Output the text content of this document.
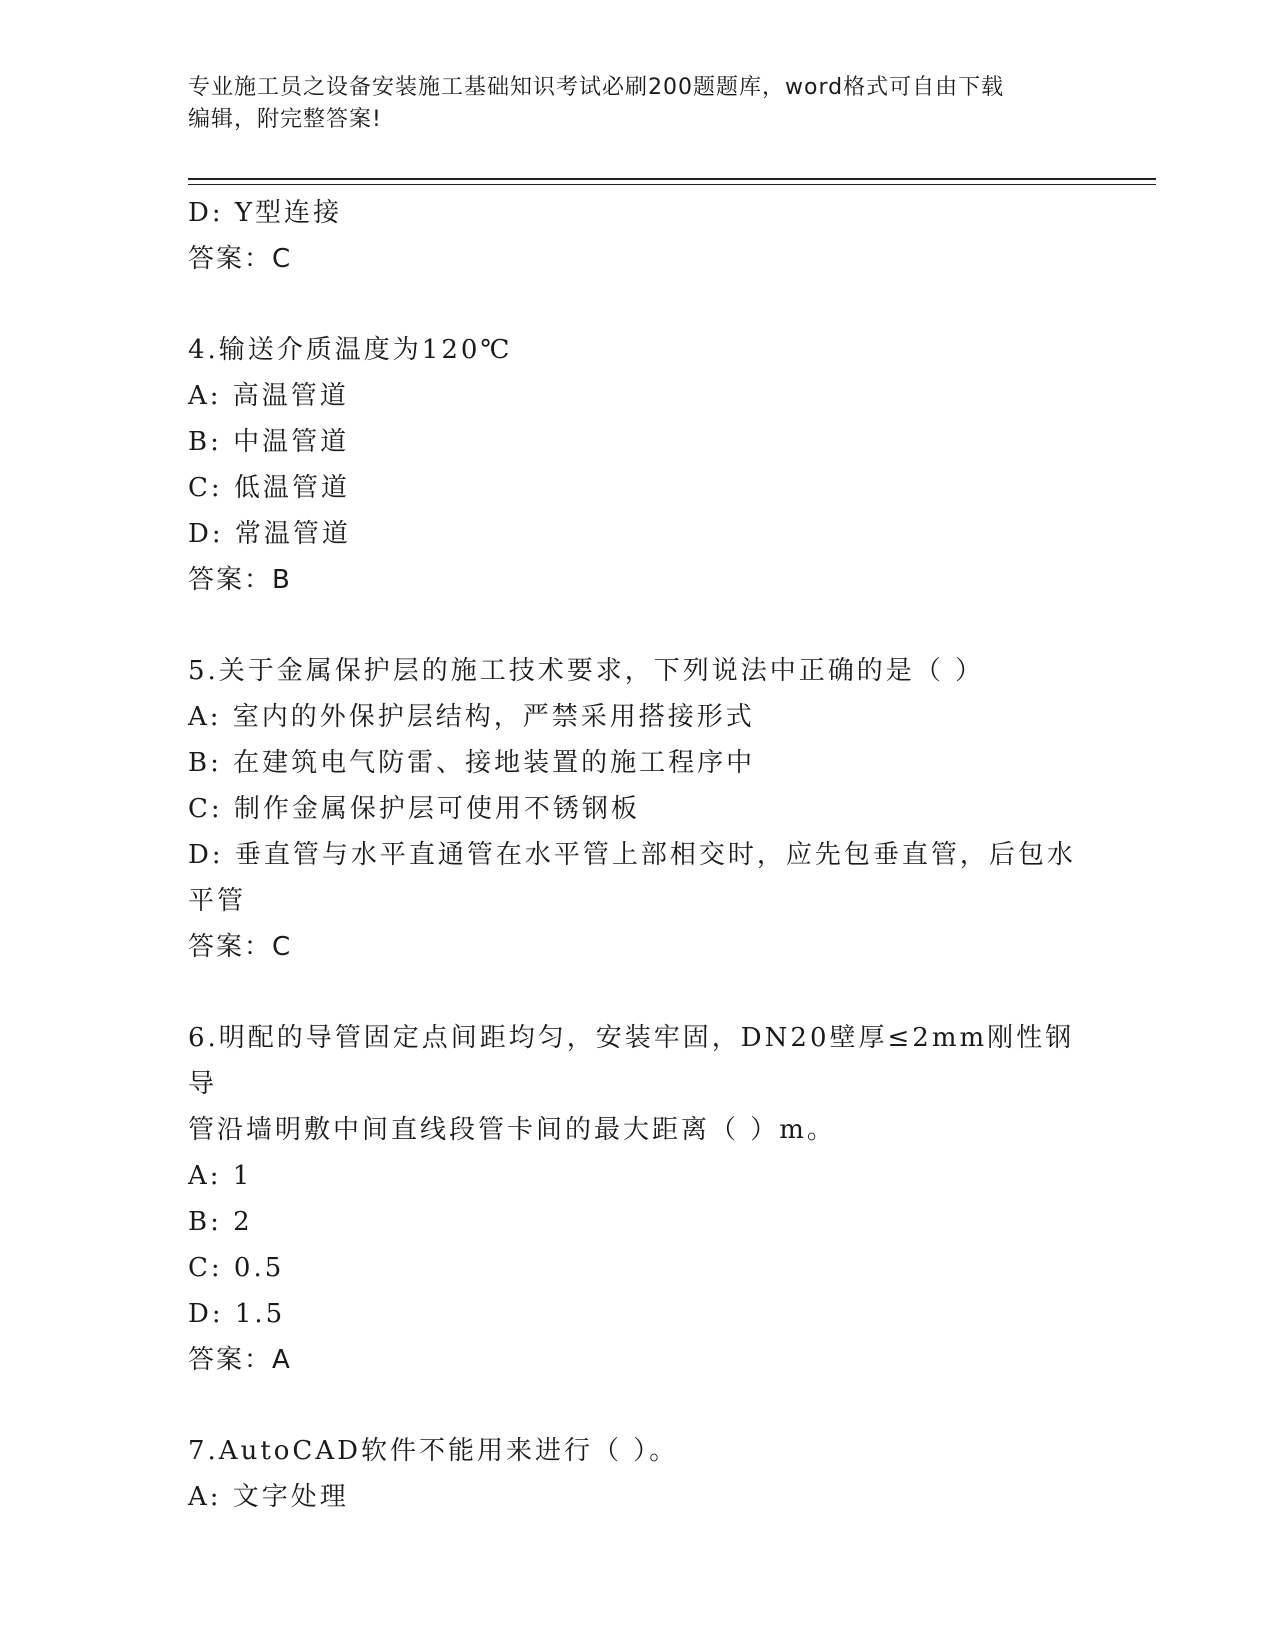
专业施工员之设备安装施工基础知识考试必刷200题题库，word格式可自由下载
编辑，附完整答案!
D: Y型连接
答案：C
4.输送介质温度为120℃
A: 高温管道
B: 中温管道
C: 低温管道
D: 常温管道
答案：B
5.关于金属保护层的施工技术要求，下列说法中正确的是（ ）
A: 室内的外保护层结构，严禁采用搭接形式
B: 在建筑电气防雷、接地装置的施工程序中
C: 制作金属保护层可使用不锈钢板
D: 垂直管与水平直通管在水平管上部相交时，应先包垂直管，后包水
平管
答案：C
6.明配的导管固定点间距均匀，安装牢固，DN20壁厚≤2mm刚性钢导
管沿墙明敷中间直线段管卡间的最大距离（ ）m。
A: 1
B: 2
C: 0.5
D: 1.5
答案：A
7.AutoCAD软件不能用来进行（ ）。
A: 文字处理
